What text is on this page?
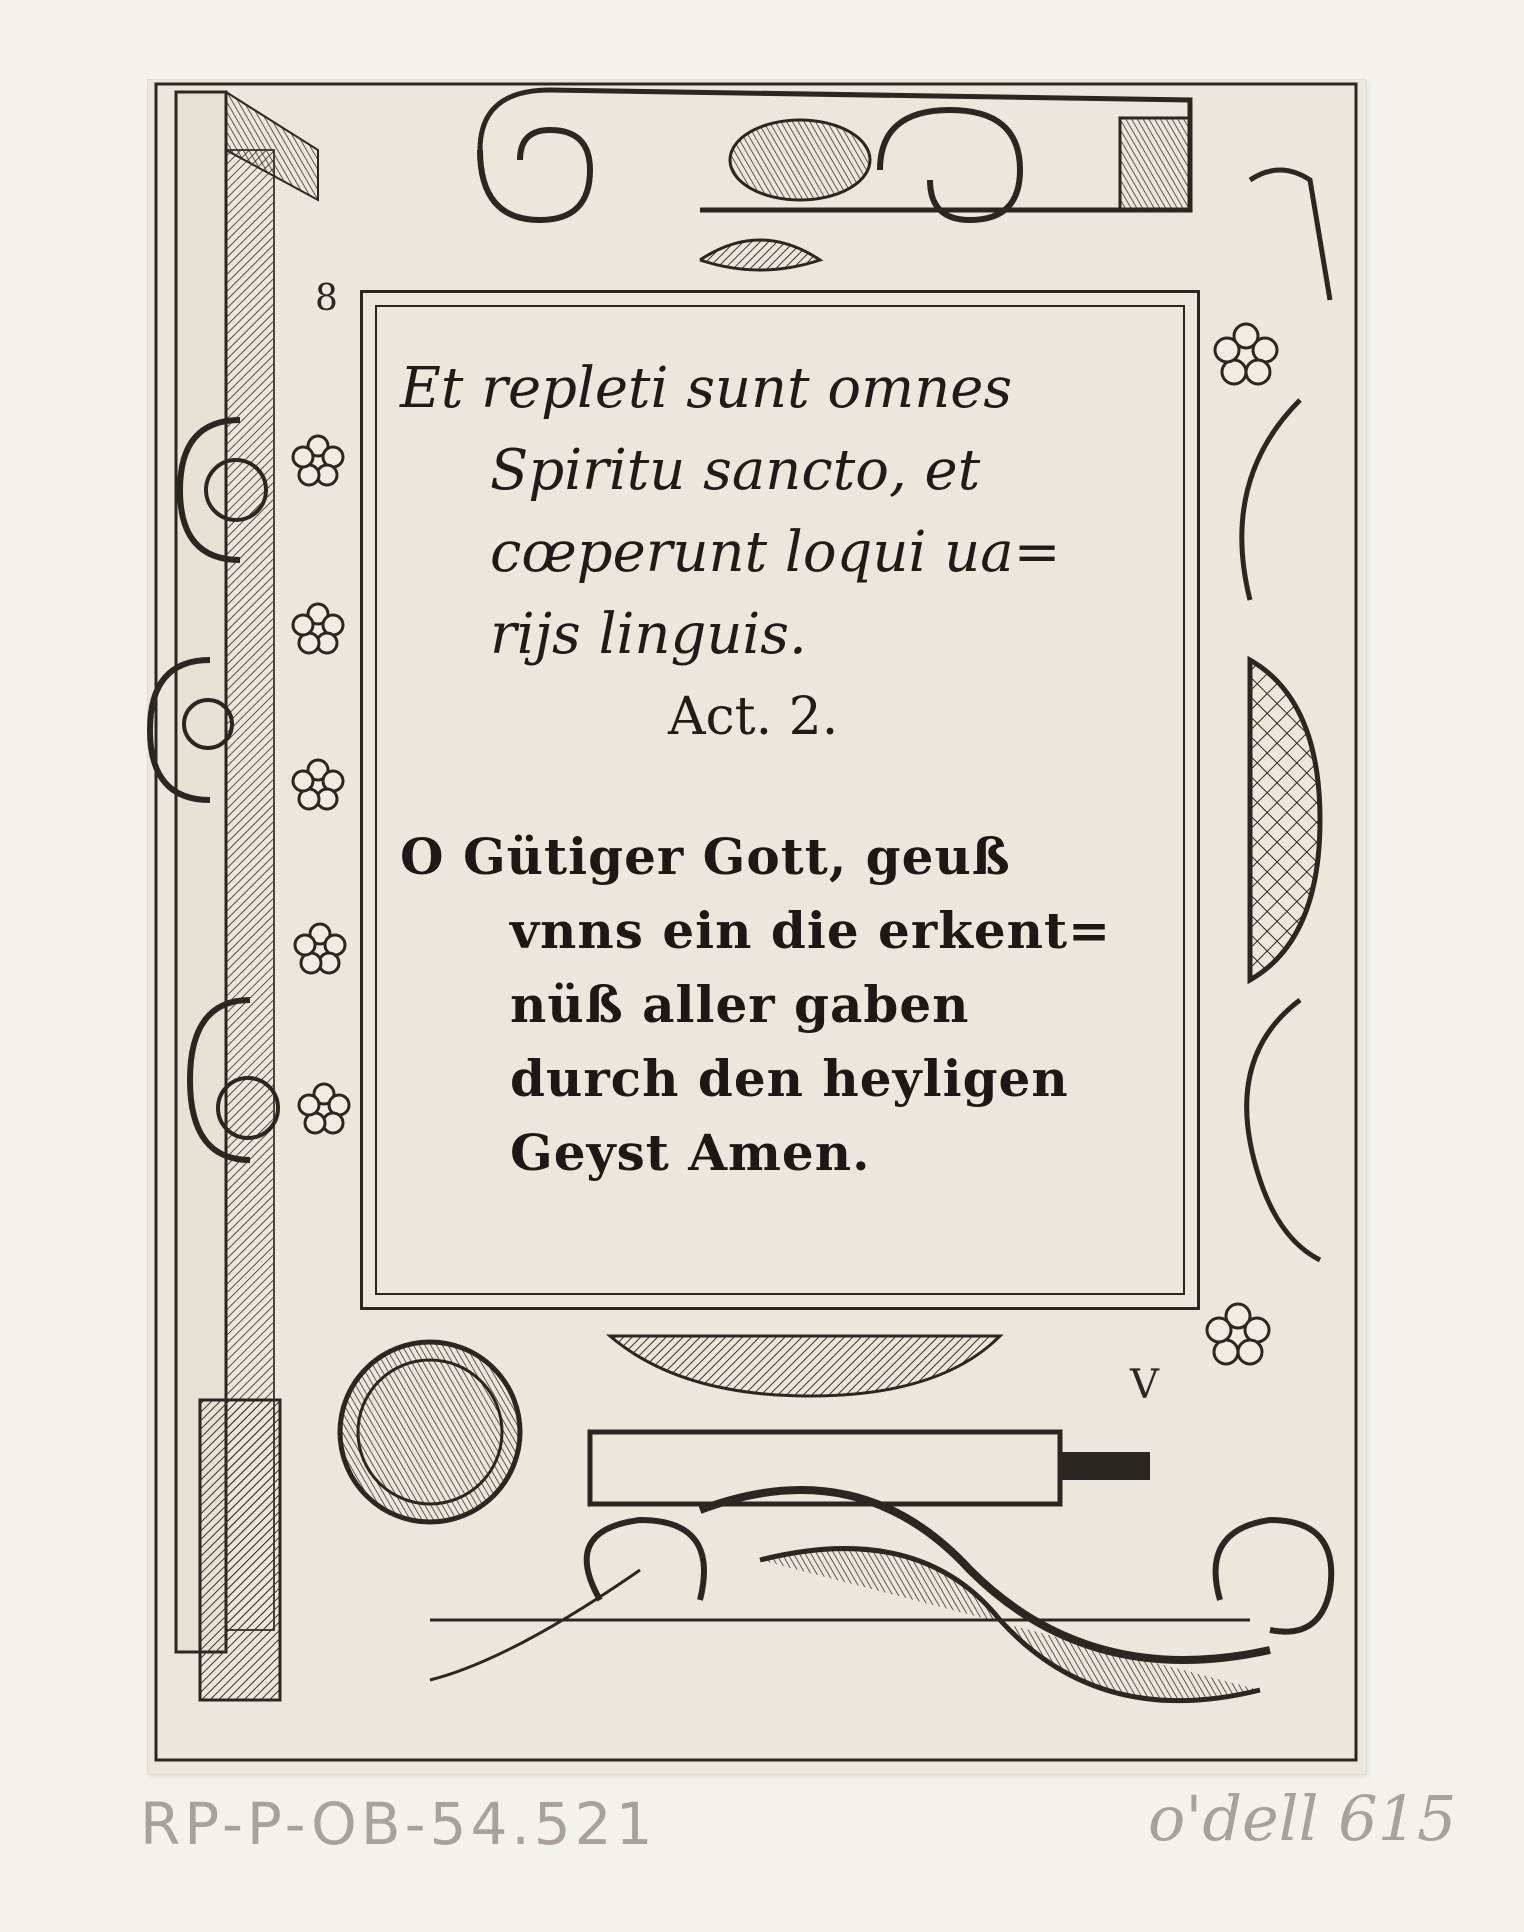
8
Et repleti sunt omnes
Spiritu sancto, et
cœperunt loqui ua=
rijs linguis.
Act. 2.
O Gütiger Gott, geuß
vnns ein die erkent=
nüß aller gaben
durch den heyligen
Geyst Amen.
V
RP-P-OB-54.521	o'dell 615
